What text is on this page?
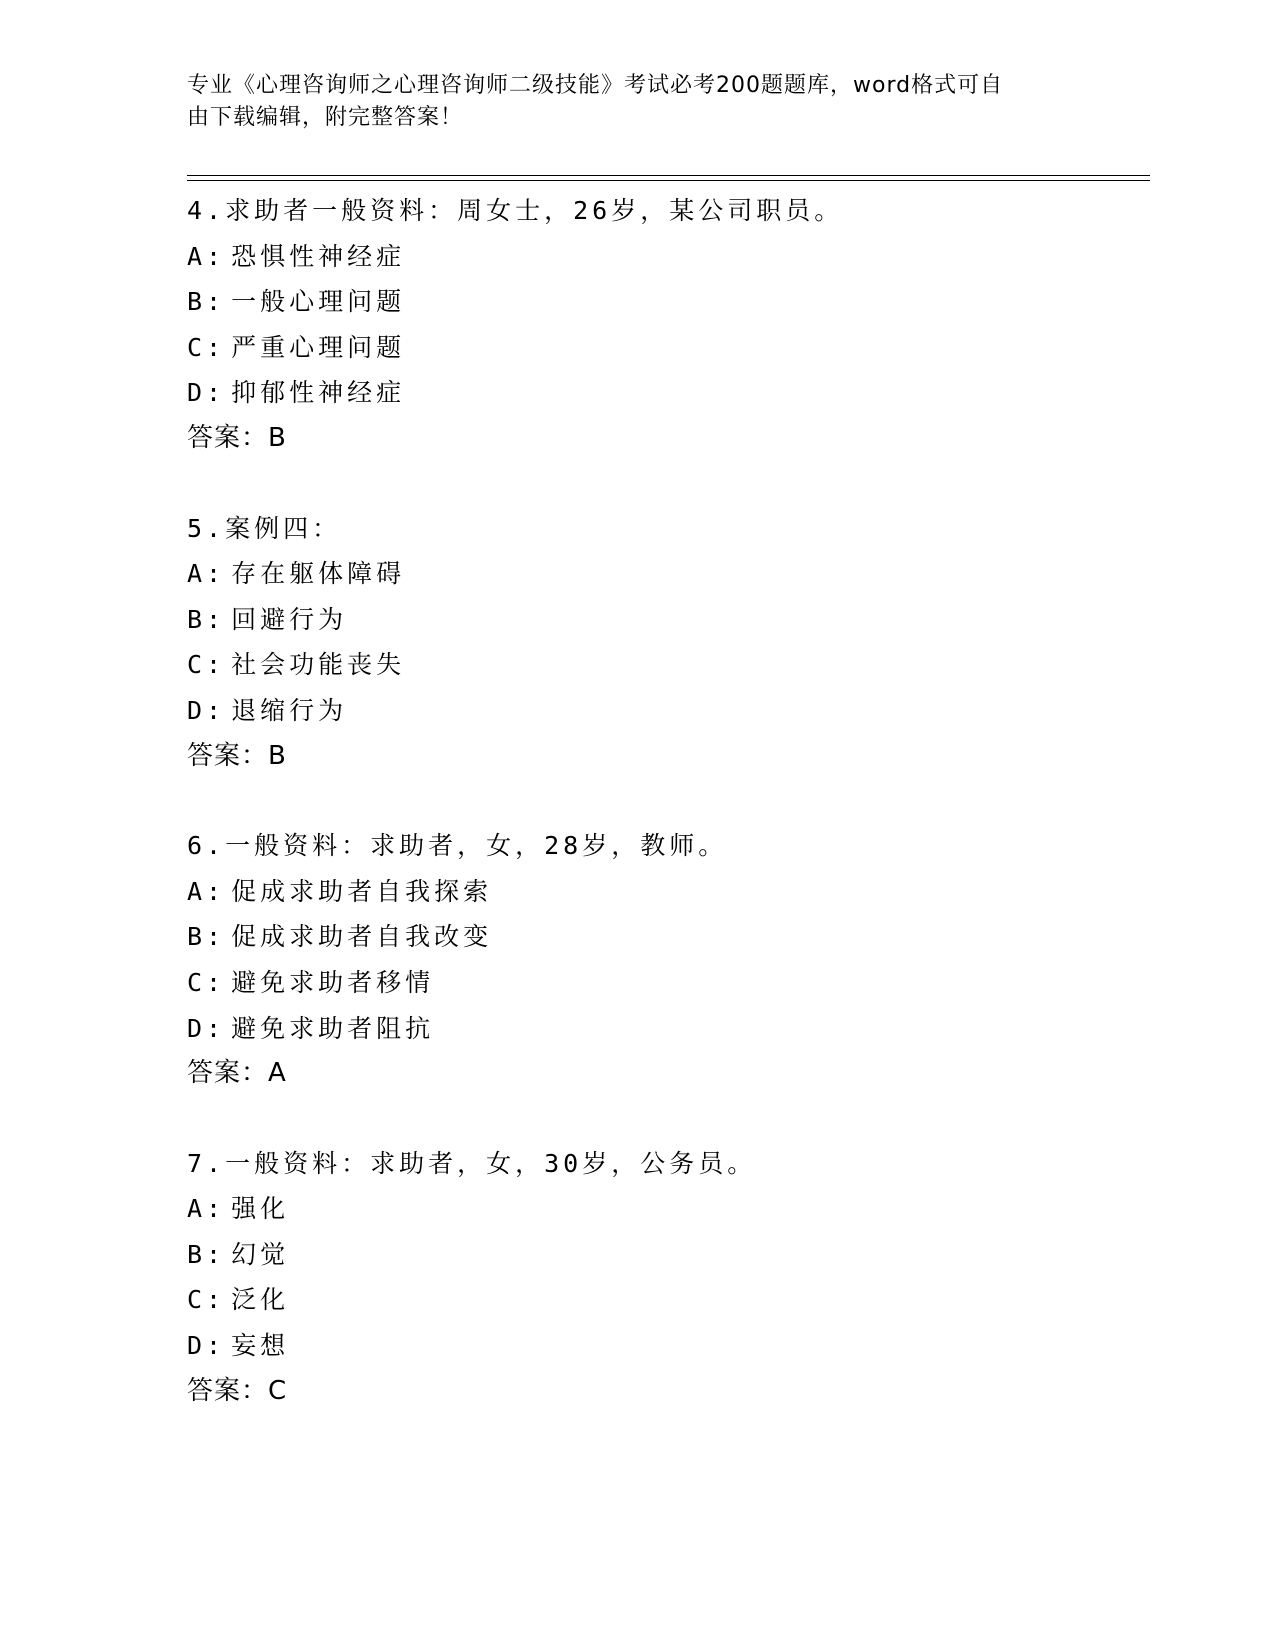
专业《心理咨询师之心理咨询师二级技能》考试必考200题题库，word格式可自
由下载编辑，附完整答案！
4.求助者一般资料：周女士，26岁，某公司职员。
A: 恐惧性神经症
B: 一般心理问题
C: 严重心理问题
D: 抑郁性神经症
答案：B
5.案例四：
A: 存在躯体障碍
B: 回避行为
C: 社会功能丧失
D: 退缩行为
答案：B
6.一般资料：求助者，女，28岁，教师。
A: 促成求助者自我探索
B: 促成求助者自我改变
C: 避免求助者移情
D: 避免求助者阻抗
答案：A
7.一般资料：求助者，女，30岁，公务员。
A: 强化
B: 幻觉
C: 泛化
D: 妄想
答案：C
